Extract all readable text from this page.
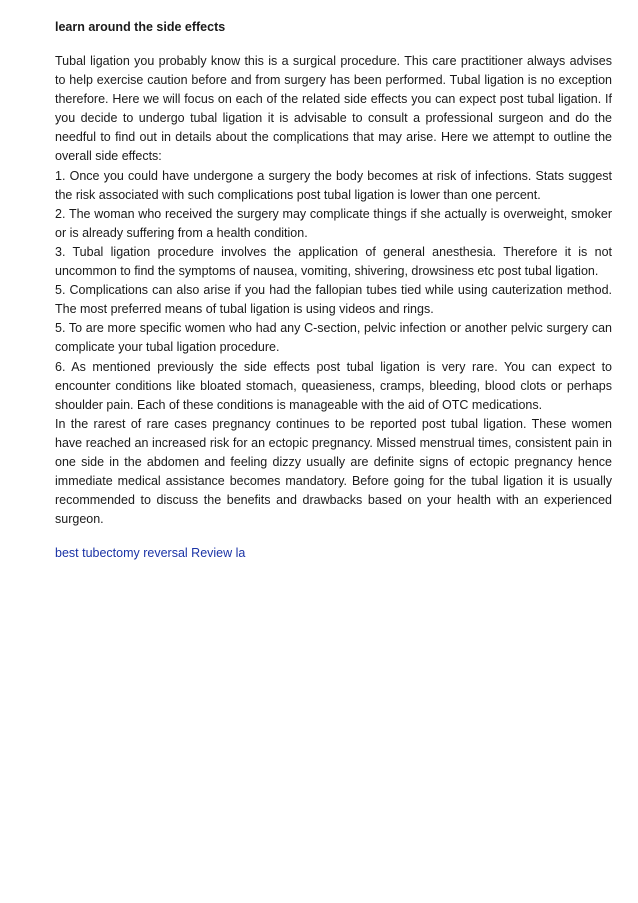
learn around the side effects

Tubal ligation you probably know this is a surgical procedure. This care practitioner always advises to help exercise caution before and from surgery has been performed. Tubal ligation is no exception therefore. Here we will focus on each of the related side effects you can expect post tubal ligation. If you decide to undergo tubal ligation it is advisable to consult a professional surgeon and do the needful to find out in details about the complications that may arise. Here we attempt to outline the overall side effects:

1. Once you could have undergone a surgery the body becomes at risk of infections. Stats suggest the risk associated with such complications post tubal ligation is lower than one percent.

2. The woman who received the surgery may complicate things if she actually is overweight, smoker or is already suffering from a health condition.

3. Tubal ligation procedure involves the application of general anesthesia. Therefore it is not uncommon to find the symptoms of nausea, vomiting, shivering, drowsiness etc post tubal ligation.

5. Complications can also arise if you had the fallopian tubes tied while using cauterization method. The most preferred means of tubal ligation is using videos and rings.

5. To are more specific women who had any C-section, pelvic infection or another pelvic surgery can complicate your tubal ligation procedure.

6. As mentioned previously the side effects post tubal ligation is very rare. You can expect to encounter conditions like bloated stomach, queasieness, cramps, bleeding, blood clots or perhaps shoulder pain. Each of these conditions is manageable with the aid of OTC medications.

In the rarest of rare cases pregnancy continues to be reported post tubal ligation. These women have reached an increased risk for an ectopic pregnancy. Missed menstrual times, consistent pain in one side in the abdomen and feeling dizzy usually are definite signs of ectopic pregnancy hence immediate medical assistance becomes mandatory. Before going for the tubal ligation it is usually recommended to discuss the benefits and drawbacks based on your health with an experienced surgeon.

best tubectomy reversal Review la
